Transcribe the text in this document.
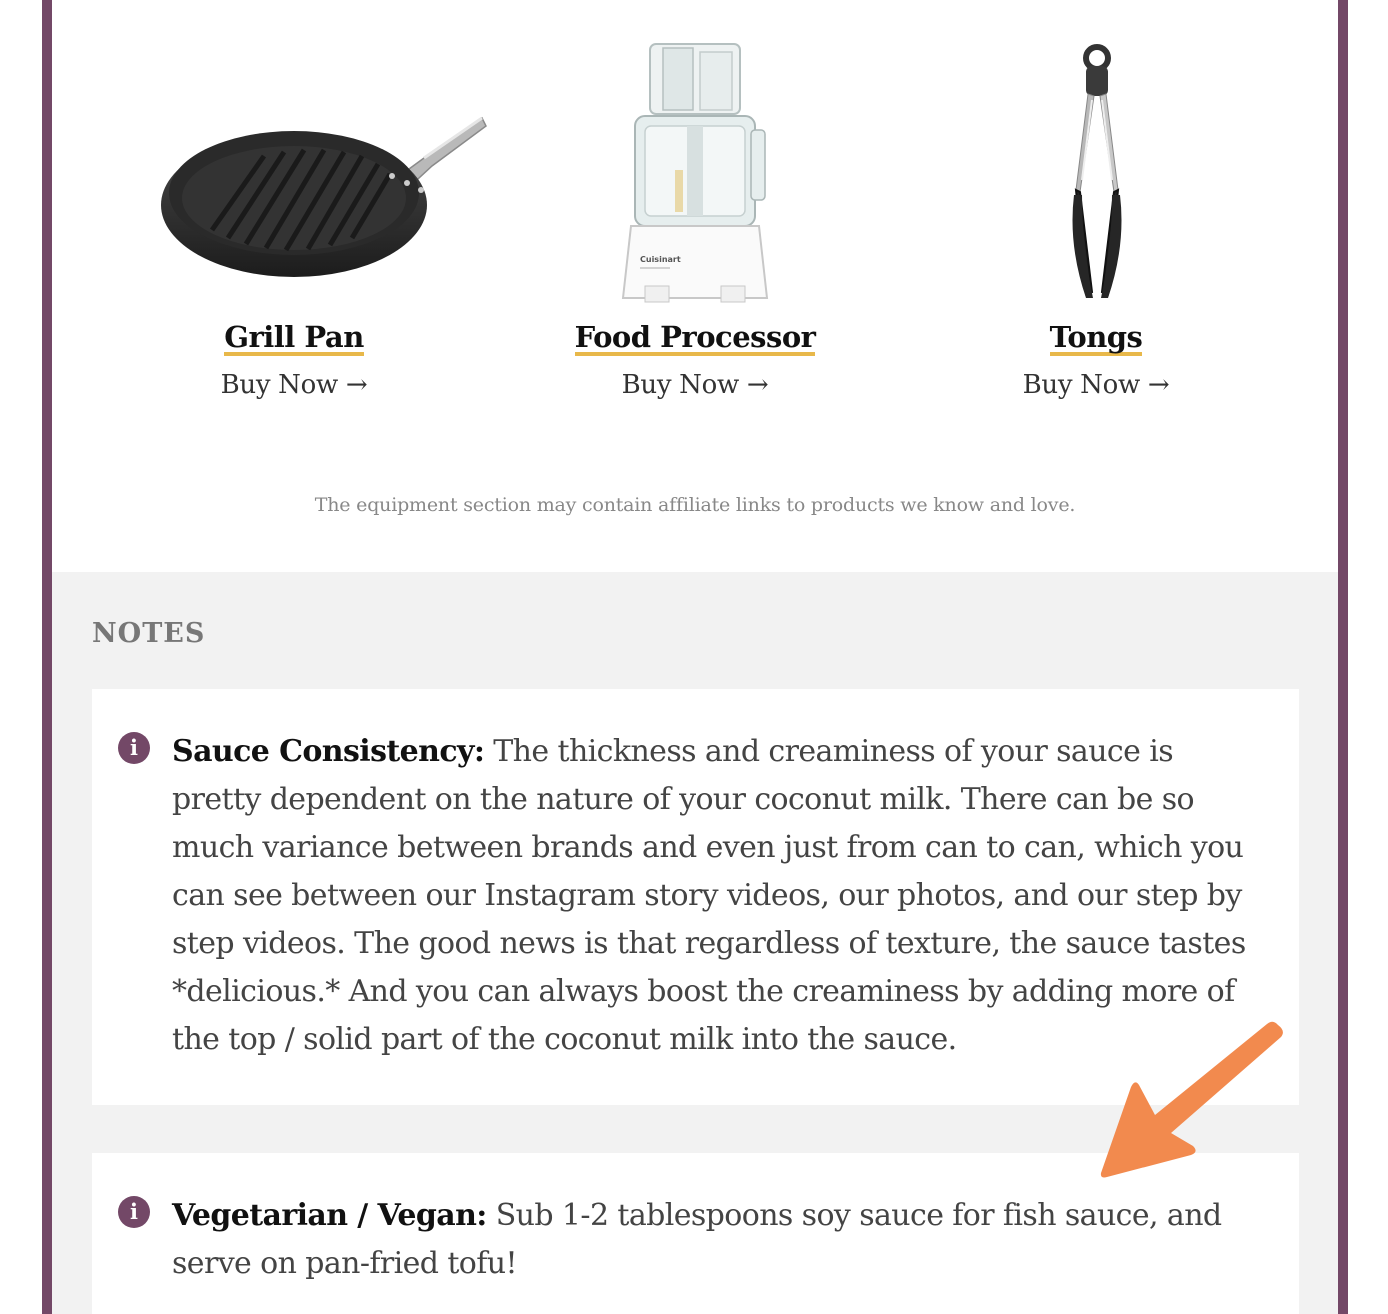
Grill Pan
Buy Now →
Cuisinart
Food Processor
Buy Now →
Tongs
Buy Now →

The equipment section may contain affiliate links to products we know and love.

NOTES
i	Sauce Consistency: The thickness and creaminess of your sauce is pretty dependent on the nature of your coconut milk. There can be so much variance between brands and even just from can to can, which you can see between our Instagram story videos, our photos, and our step by step videos. The good news is that regardless of texture, the sauce tastes *delicious.* And you can always boost the creaminess by adding more of the top / solid part of the coconut milk into the sauce.

i	Vegetarian / Vegan: Sub 1-2 tablespoons soy sauce for fish sauce, and serve on pan-fried tofu!
